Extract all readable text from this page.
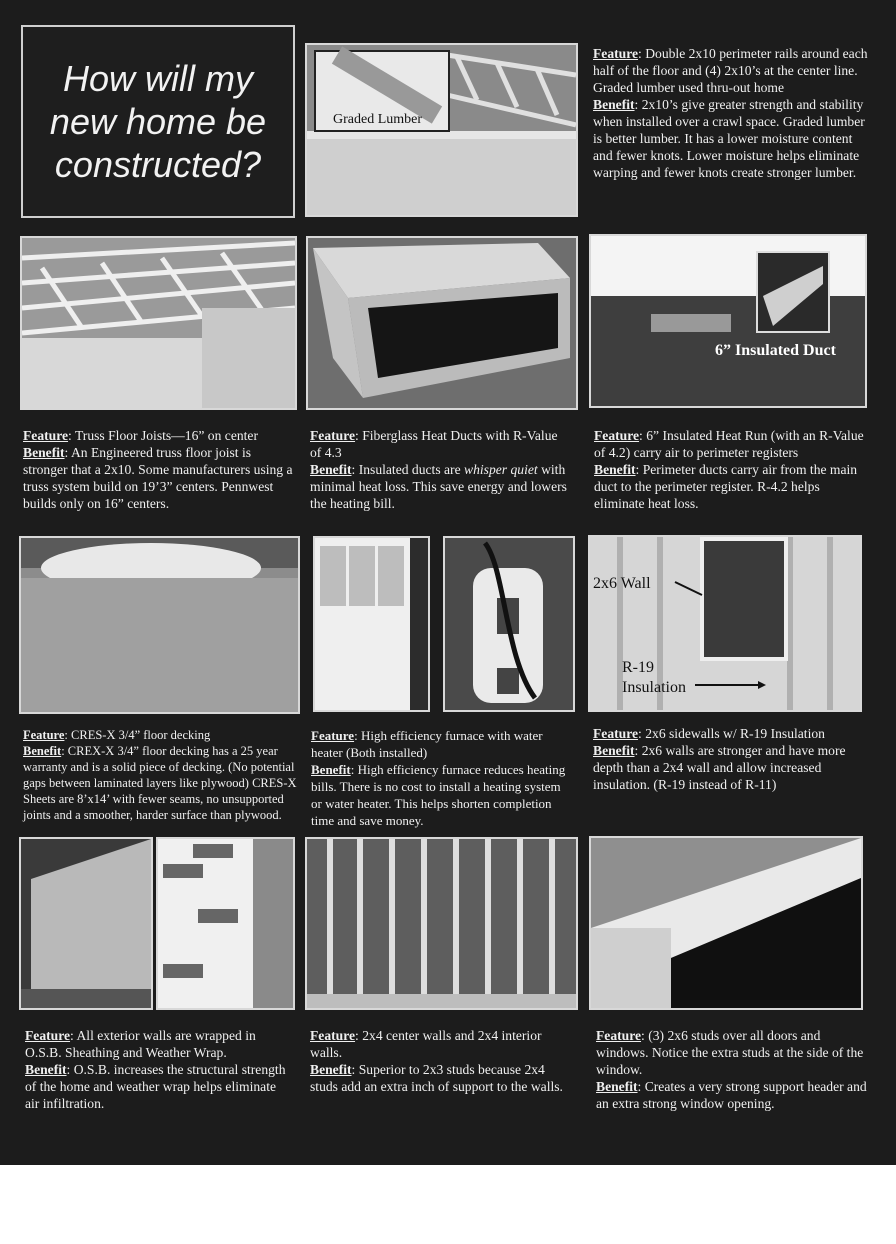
How will my
new home be
constructed?
Graded Lumber

Feature: Double 2x10 perimeter rails around each half of the floor and (4) 2x10’s at the center line.

Graded lumber used thru-out home

Benefit: 2x10’s give greater strength and stability when installed over a crawl space. Graded lumber is better lumber. It has a lower moisture content and fewer knots. Lower moisture helps eliminate warping and fewer knots create stronger lumber.

6” Insulated Duct

Feature: Truss Floor Joists—16” on center

Benefit: An Engineered truss floor joist is stronger that a 2x10. Some manufacturers using a truss system build on 19’3” centers. Pennwest builds only on 16” centers.

Feature: Fiberglass Heat Ducts with R-Value of 4.3

Benefit: Insulated ducts are whisper quiet with minimal heat loss. This save energy and lowers the heating bill.

Feature: 6” Insulated Heat Run (with an R-Value of 4.2) carry air to perimeter registers

Benefit: Perimeter ducts carry air from the main duct to the perimeter register. R-4.2 helps eliminate heat loss.

2x6 Wall
R-19
Insulation

Feature: CRES-X 3/4” floor decking

Benefit: CREX-X 3/4” floor decking has a 25 year warranty and is a solid piece of decking. (No potential gaps between laminated layers like plywood) CRES-X Sheets are 8’x14’ with fewer seams, no unsupported joints and a smoother, harder surface than plywood.

Feature: High efficiency furnace with water heater (Both installed)

Benefit: High efficiency furnace reduces heating bills. There is no cost to install a heating system or water heater. This helps shorten completion time and save money.

Feature: 2x6 sidewalls w/ R-19 Insulation

Benefit: 2x6 walls are stronger and have more depth than a 2x4 wall and allow increased insulation. (R-19 instead of R-11)

Feature: All exterior walls are wrapped in O.S.B. Sheathing and Weather Wrap.

Benefit: O.S.B. increases the structural strength of the home and weather wrap helps eliminate air infiltration.

Feature: 2x4 center walls and 2x4 interior walls.

Benefit: Superior to 2x3 studs because 2x4 studs add an extra inch of support to the walls.

Feature: (3) 2x6 studs over all doors and windows. Notice the extra studs at the side of the window.

Benefit: Creates a very strong support header and an extra strong window opening.
